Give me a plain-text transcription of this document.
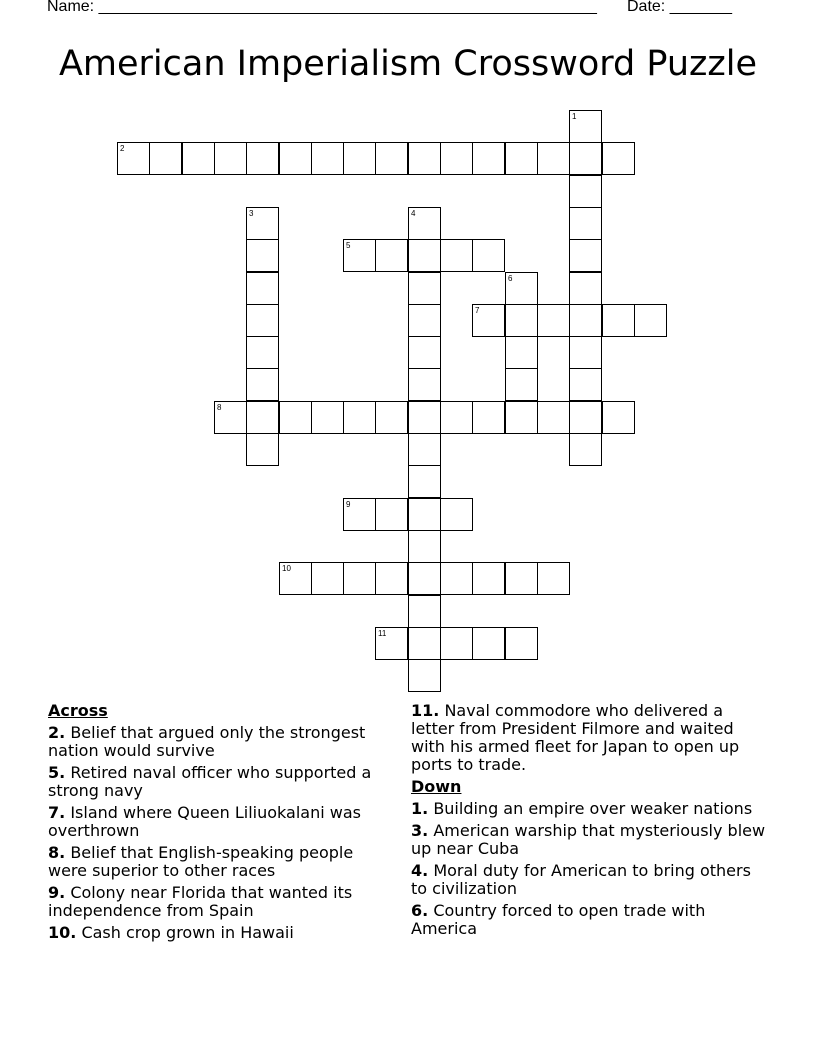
Name: ________________________________________________________ Date: _______
American Imperialism Crossword Puzzle
1
2
3	4
5
6
7
8
9
10
11
Across
2. Belief that argued only the strongest nation would survive
5. Retired naval officer who supported a strong navy
7. Island where Queen Liliuokalani was overthrown
8. Belief that English-speaking people were superior to other races
9. Colony near Florida that wanted its independence from Spain
10. Cash crop grown in Hawaii
11. Naval commodore who delivered a letter from President Filmore and waited with his armed fleet for Japan to open up ports to trade.
Down
1. Building an empire over weaker nations
3. American warship that mysteriously blew up near Cuba
4. Moral duty for American to bring others to civilization
6. Country forced to open trade with America
